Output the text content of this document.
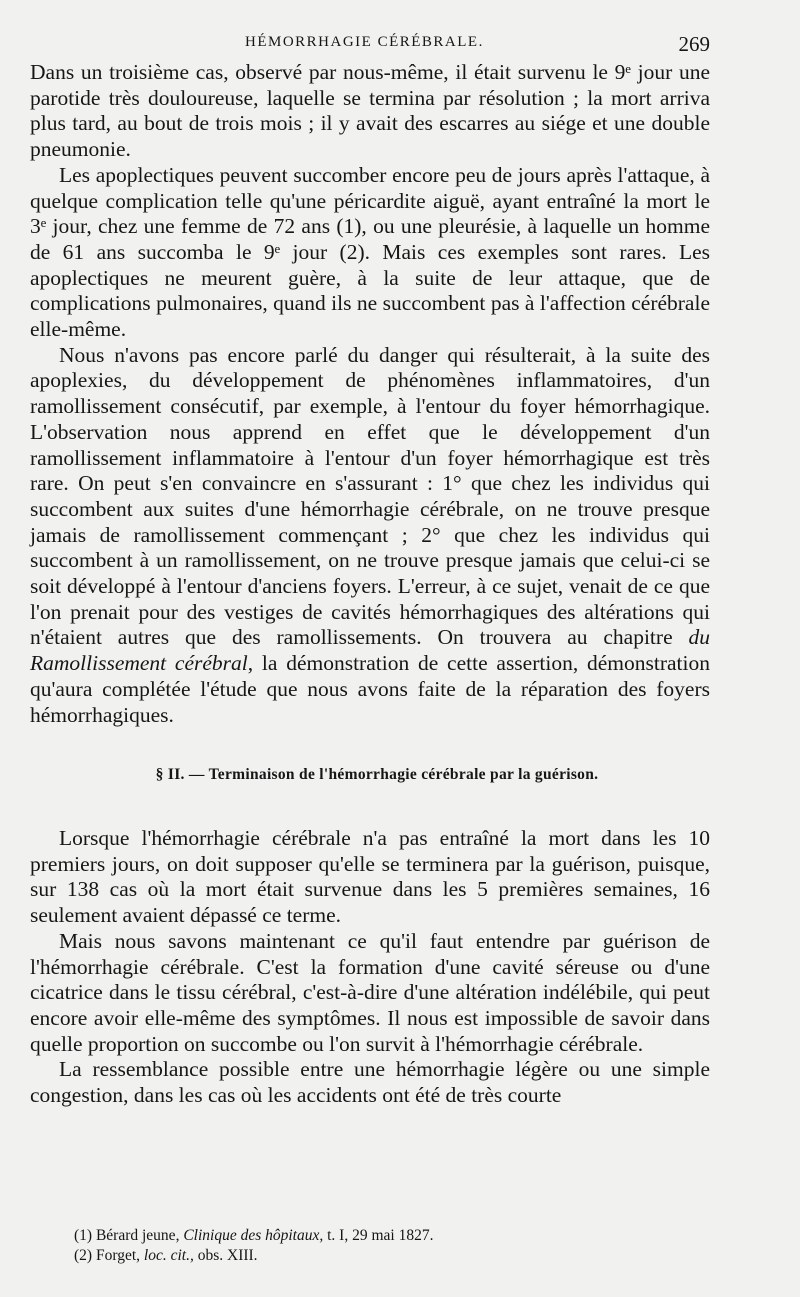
HÉMORRHAGIE CÉRÉBRALE.	269

Dans un troisième cas, observé par nous-même, il était survenu le 9ᵉ jour une parotide très douloureuse, laquelle se termina par résolution ; la mort arriva plus tard, au bout de trois mois ; il y avait des escarres au siége et une double pneumonie.

Les apoplectiques peuvent succomber encore peu de jours après l'attaque, à quelque complication telle qu'une péricardite aiguë, ayant entraîné la mort le 3ᵉ jour, chez une femme de 72 ans (1), ou une pleurésie, à laquelle un homme de 61 ans succomba le 9ᵉ jour (2). Mais ces exemples sont rares. Les apoplectiques ne meurent guère, à la suite de leur attaque, que de complications pulmonaires, quand ils ne succombent pas à l'affection cérébrale elle-même.

Nous n'avons pas encore parlé du danger qui résulterait, à la suite des apoplexies, du développement de phénomènes inflammatoires, d'un ramollissement consécutif, par exemple, à l'entour du foyer hémorrhagique. L'observation nous apprend en effet que le développement d'un ramollissement inflammatoire à l'entour d'un foyer hémorrhagique est très rare. On peut s'en convaincre en s'assurant : 1° que chez les individus qui succombent aux suites d'une hémorrhagie cérébrale, on ne trouve presque jamais de ramollissement commençant ; 2° que chez les individus qui succombent à un ramollissement, on ne trouve presque jamais que celui-ci se soit développé à l'entour d'anciens foyers. L'erreur, à ce sujet, venait de ce que l'on prenait pour des vestiges de cavités hémorrhagiques des altérations qui n'étaient autres que des ramollissements. On trouvera au chapitre du Ramollissement cérébral, la démonstration de cette assertion, démonstration qu'aura complétée l'étude que nous avons faite de la réparation des foyers hémorrhagiques.

§ II. — Terminaison de l'hémorrhagie cérébrale par la guérison.

Lorsque l'hémorrhagie cérébrale n'a pas entraîné la mort dans les 10 premiers jours, on doit supposer qu'elle se terminera par la guérison, puisque, sur 138 cas où la mort était survenue dans les 5 premières semaines, 16 seulement avaient dépassé ce terme.

Mais nous savons maintenant ce qu'il faut entendre par guérison de l'hémorrhagie cérébrale. C'est la formation d'une cavité séreuse ou d'une cicatrice dans le tissu cérébral, c'est-à-dire d'une altération indélébile, qui peut encore avoir elle-même des symptômes. Il nous est impossible de savoir dans quelle proportion on succombe ou l'on survit à l'hémorrhagie cérébrale.

La ressemblance possible entre une hémorrhagie légère ou une simple congestion, dans les cas où les accidents ont été de très courte

(1) Bérard jeune, Clinique des hôpitaux, t. I, 29 mai 1827.
(2) Forget, loc. cit., obs. XIII.
